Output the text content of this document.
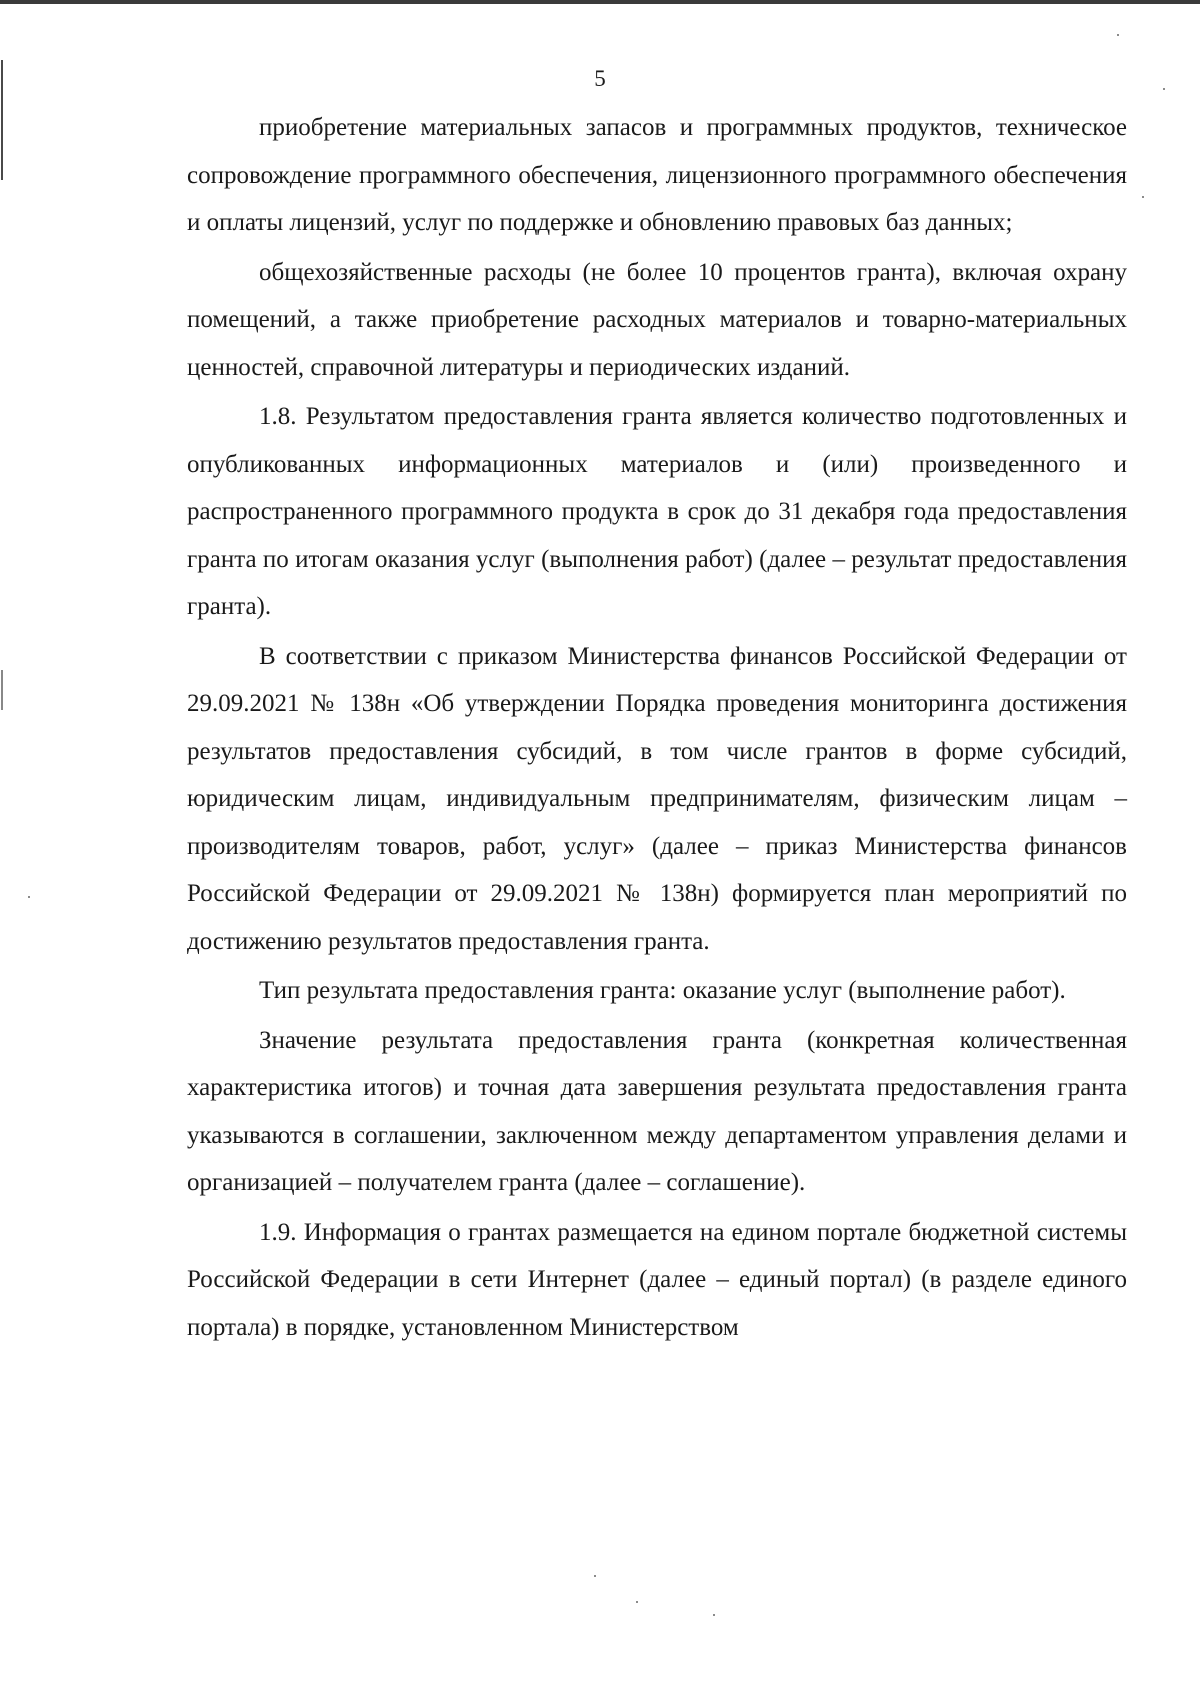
5

приобретение материальных запасов и программных продуктов, техническое сопровождение программного обеспечения, лицензионного программного обеспечения и оплаты лицензий, услуг по поддержке и обновлению правовых баз данных;

общехозяйственные расходы (не более 10 процентов гранта), включая охрану помещений, а также приобретение расходных материалов и товарно-материальных ценностей, справочной литературы и периодических изданий.

1.8. Результатом предоставления гранта является количество подготовленных и опубликованных информационных материалов и (или) произведенного и распространенного программного продукта в срок до 31 декабря года предоставления гранта по итогам оказания услуг (выполнения работ) (далее – результат предоставления гранта).

В соответствии с приказом Министерства финансов Российской Федерации от 29.09.2021 № 138н «Об утверждении Порядка проведения мониторинга достижения результатов предоставления субсидий, в том числе грантов в форме субсидий, юридическим лицам, индивидуальным предпринимателям, физическим лицам – производителям товаров, работ, услуг» (далее – приказ Министерства финансов Российской Федерации от 29.09.2021 № 138н) формируется план мероприятий по достижению результатов предоставления гранта.

Тип результата предоставления гранта: оказание услуг (выполнение работ).

Значение результата предоставления гранта (конкретная количественная характеристика итогов) и точная дата завершения результата предоставления гранта указываются в соглашении, заключенном между департаментом управления делами и организацией – получателем гранта (далее – соглашение).

1.9. Информация о грантах размещается на едином портале бюджетной системы Российской Федерации в сети Интернет (далее – единый портал) (в разделе единого портала) в порядке, установленном Министерством
